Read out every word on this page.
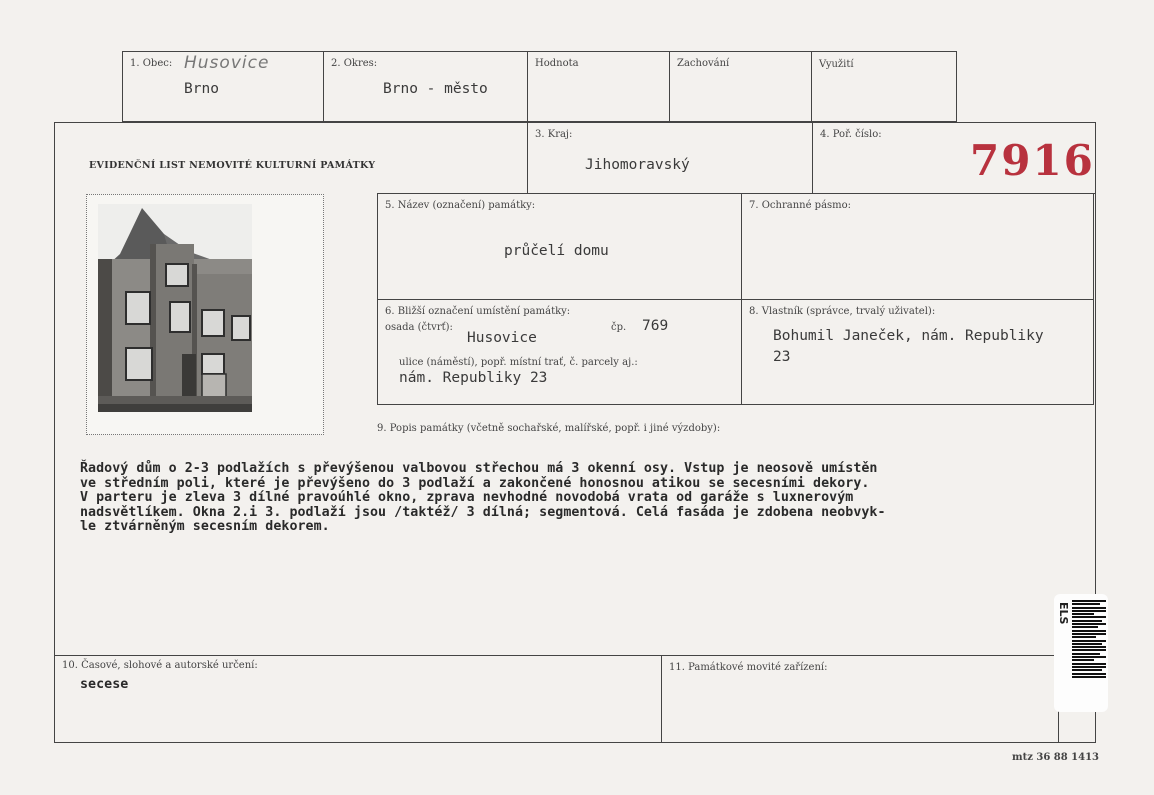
1. Obec: Husovice
Brno
2. Okres:
Brno - město
Hodnota	Zachování	Využití
EVIDENČNÍ LIST NEMOVITÉ KULTURNÍ PAMÁTKY
3. Kraj:
Jihomoravský
4. Poř. číslo:
7916
5. Název (označení) památky:
průčelí domu
7. Ochranné pásmo:
6. Bližší označení umístění památky:
osada (čtvrť):
Husovice
čp. 769
ulice (náměstí), popř. místní trať, č. parcely aj.:
nám. Republiky 23
8. Vlastník (správce, trvalý uživatel):
Bohumil Janeček, nám. Republiky
23
9. Popis památky (včetně sochařské, malířské, popř. i jiné výzdoby):
Řadový dům o 2-3 podlažích s převýšenou valbovou střechou má 3 okenní osy. Vstup je neosově umístěn
ve středním poli, které je převýšeno do 3 podlaží a zakončené honosnou atikou se secesními dekory.
V parteru je zleva 3 dílné pravoúhlé okno, zprava nevhodné novodobá vrata od garáže s luxnerovým
nadsvětlíkem. Okna 2.i 3. podlaží jsou /taktéž/ 3 dílná; segmentová. Celá fasáda je zdobena neobvyk-
le ztvárněným secesním dekorem.
10. Časové, slohové a autorské určení:
secese
11. Památkové movité zařízení:
ELS
mtz 36 88 1413
